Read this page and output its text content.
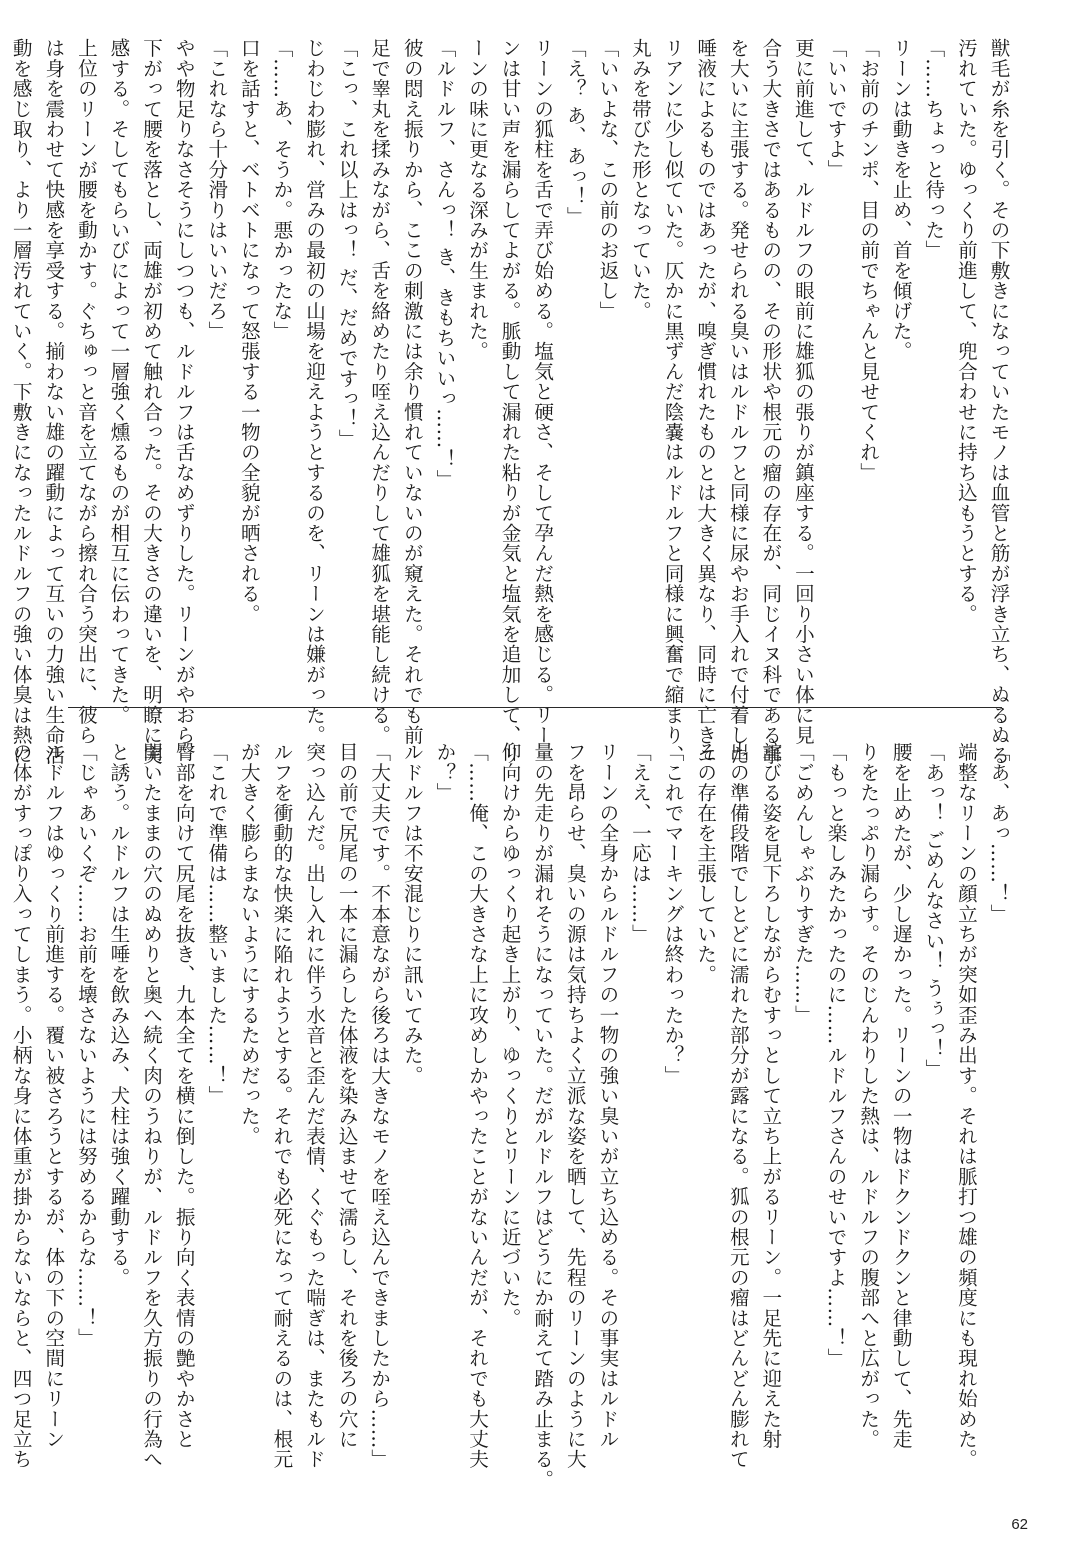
獣毛が糸を引く。その下敷きになっていたモノは血管と筋が浮き立ち、ぬるぬる
汚れていた。ゆっくり前進して、兜合わせに持ち込もうとする。
「……ちょっと待った」
リーンは動きを止め、首を傾げた。
「お前のチンポ、目の前でちゃんと見せてくれ」
「いいですよ」
更に前進して、ルドルフの眼前に雄狐の張りが鎮座する。一回り小さい体に見
合う大きさではあるものの、その形状や根元の瘤の存在が、同じイヌ科である事
を大いに主張する。発せられる臭いはルドルフと同様に尿やお手入れで付着した
唾液によるものではあったが、嗅ぎ慣れたものとは大きく異なり、同時に亡きユ
リアンに少し似ていた。仄かに黒ずんだ陰嚢はルドルフと同様に興奮で縮まり、
丸みを帯びた形となっていた。
「いいよな、この前のお返し」
「え？ あ、あっ！」
リーンの狐柱を舌で弄び始める。塩気と硬さ、そして孕んだ熱を感じる。リー
ンは甘い声を漏らしてよがる。脈動して漏れた粘りが金気と塩気を追加して、リ
ーンの味に更なる深みが生まれた。
「ルドルフ、さんっ！ き、きもちいいっ……！」
彼の悶え振りから、ここの刺激には余り慣れていないのが窺えた。それでも前
足で睾丸を揉みながら、舌を絡めたり咥え込んだりして雄狐を堪能し続ける。
「こっ、これ以上はっ！ だ、だめですっ！」
じわじわ膨れ、営みの最初の山場を迎えようとするのを、リーンは嫌がった。
「……あ、そうか。悪かったな」
口を話すと、ベトベトになって怒張する一物の全貌が晒される。
「これなら十分滑りはいいだろ」
やや物足りなさそうにしつつも、ルドルフは舌なめずりした。リーンがやおら
下がって腰を落とし、両雄が初めて触れ合った。その大きさの違いを、明瞭に実
感する。そしてもらいびによって一層強く燻るものが相互に伝わってきた。
上位のリーンが腰を動かす。ぐちゅっと音を立てながら擦れ合う突出に、彼ら
は身を震わせて快感を享受する。揃わない雄の躍動によって互いの力強い生命活
動を感じ取り、より一層汚れていく。下敷きになったルドルフの強い体臭は熱に

「あ、あっ……！」
端整なリーンの顔立ちが突如歪み出す。それは脈打つ雄の頻度にも現れ始めた。
「あっ！ ごめんなさい！ うぅっ！」
腰を止めたが、少し遅かった。リーンの一物はドクンドクンと律動して、先走
りをたっぷり漏らす。そのじんわりした熱は、ルドルフの腹部へと広がった。
「もっと楽しみたかったのに……ルドルフさんのせいですよ……！」
「ごめんしゃぶりすぎた……」
詫びる姿を見下ろしながらむすっとして立ち上がるリーン。一足先に迎えた射
出の準備段階でしとどに濡れた部分が露になる。狐の根元の瘤はどんどん膨れて
その存在を主張していた。
「これでマーキングは終わったか？」
「ええ、一応は……」
リーンの全身からルドルフの一物の強い臭いが立ち込める。その事実はルドル
フを昂らせ、臭いの源は気持ちよく立派な姿を晒して、先程のリーンのように大
量の先走りが漏れそうになっていた。だがルドルフはどうにか耐えて踏み止まる。
仰向けからゆっくり起き上がり、ゆっくりとリーンに近づいた。
「……俺、この大きさな上に攻めしかやったことがないんだが、それでも大丈夫
か？」
ルドルフは不安混じりに訊いてみた。
「大丈夫です。不本意ながら後ろは大きなモノを咥え込んできましたから……」
目の前で尻尾の一本に漏らした体液を染み込ませて濡らし、それを後ろの穴に
突っ込んだ。出し入れに伴う水音と歪んだ表情、くぐもった喘ぎは、またもルド
ルフを衝動的な快楽に陥れようとする。それでも必死になって耐えるのは、根元
が大きく膨らまないようにするためだった。
「これで準備は……整いました……！」
臀部を向けて尻尾を抜き、九本全てを横に倒した。振り向く表情の艶やかさと
開いたままの穴のぬめりと奥へ続く肉のうねりが、ルドルフを久方振りの行為へ
と誘う。ルドルフは生唾を飲み込み、犬柱は強く躍動する。
「じゃあいくぞ……お前を壊さないようには努めるからな……！」
ルドルフはゆっくり前進する。覆い被さろうとするが、体の下の空間にリーン
の体がすっぽり入ってしまう。小柄な身に体重が掛からないならと、四つ足立ち

62
